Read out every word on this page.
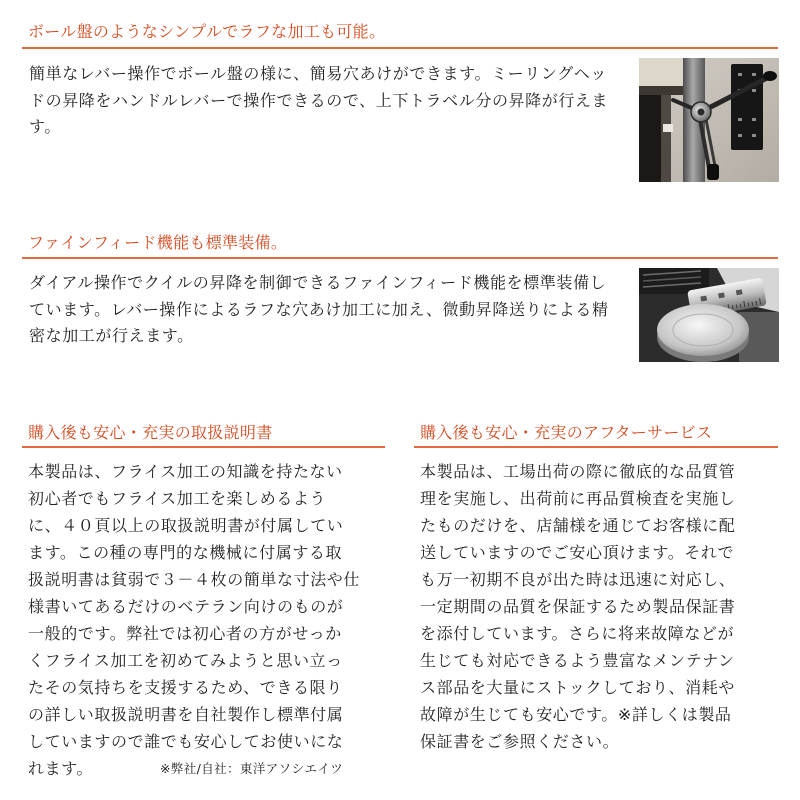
ボール盤のようなシンプルでラフな加工も可能。
簡単なレバー操作でボール盤の様に、簡易穴あけができます。ミーリングヘッ
ドの昇降をハンドルレバーで操作できるので、上下トラベル分の昇降が行えま
す。
ファインフィード機能も標準装備。
ダイアル操作でクイルの昇降を制御できるファインフィード機能を標準装備し
ています。レバー操作によるラフな穴あけ加工に加え、微動昇降送りによる精
密な加工が行えます。
購入後も安心・充実の取扱説明書
本製品は、フライス加工の知識を持たない
初心者でもフライス加工を楽しめるよう
に、４０頁以上の取扱説明書が付属してい
ます。この種の専門的な機械に付属する取
扱説明書は貧弱で３－４枚の簡単な寸法や仕
様書いてあるだけのベテラン向けのものが
一般的です。弊社では初心者の方がせっか
くフライス加工を初めてみようと思い立っ
たその気持ちを支援するため、できる限り
の詳しい取扱説明書を自社製作し標準付属
していますので誰でも安心してお使いにな
れます。	※弊社/自社：東洋アソシエイツ
購入後も安心・充実のアフターサービス
本製品は、工場出荷の際に徹底的な品質管
理を実施し、出荷前に再品質検査を実施し
たものだけを、店舗様を通じてお客様に配
送していますのでご安心頂けます。それで
も万一初期不良が出た時は迅速に対応し、
一定期間の品質を保証するため製品保証書
を添付しています。さらに将来故障などが
生じても対応できるよう豊富なメンテナン
ス部品を大量にストックしており、消耗や
故障が生じても安心です。※詳しくは製品
保証書をご参照ください。
